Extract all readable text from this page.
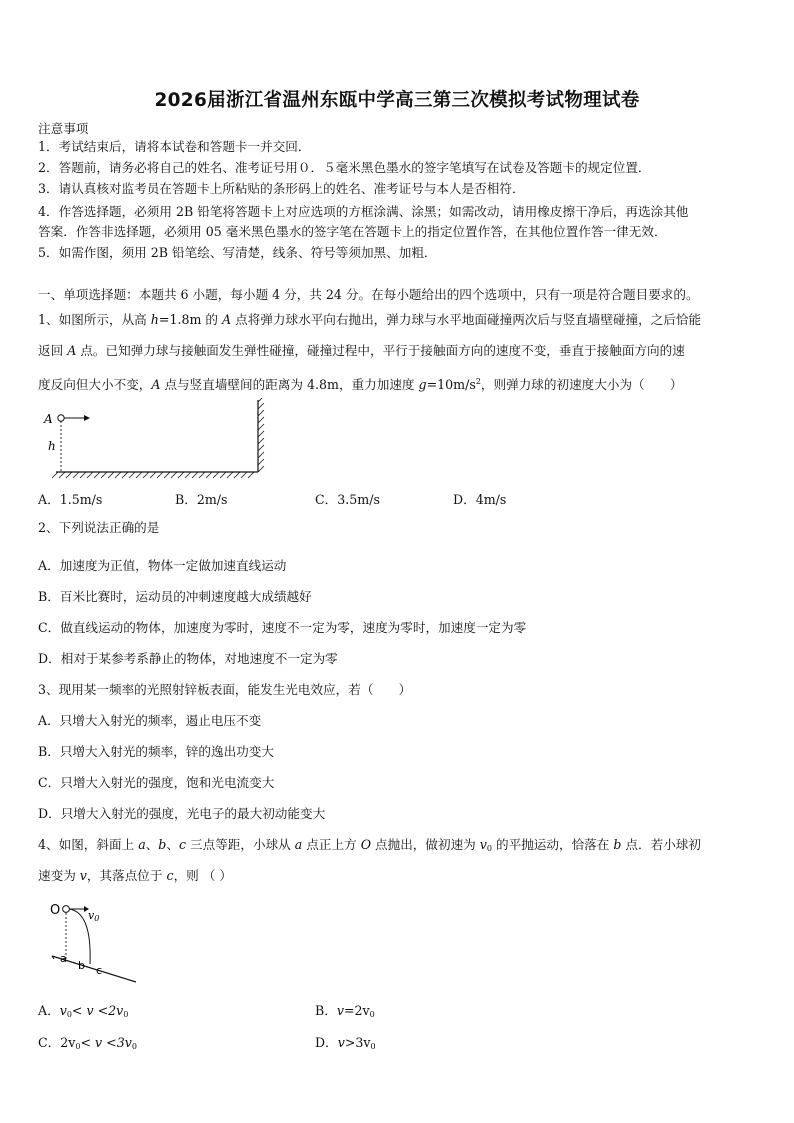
2026届浙江省温州东瓯中学高三第三次模拟考试物理试卷
注意事项
1．考试结束后，请将本试卷和答题卡一并交回．
2．答题前，请务必将自己的姓名、准考证号用０．５毫米黑色墨水的签字笔填写在试卷及答题卡的规定位置．
3．请认真核对监考员在答题卡上所粘贴的条形码上的姓名、准考证号与本人是否相符．
4．作答选择题，必须用 2B 铅笔将答题卡上对应选项的方框涂满、涂黑；如需改动，请用橡皮擦干净后，再选涂其他
答案．作答非选择题，必须用 05 毫米黑色墨水的签字笔在答题卡上的指定位置作答，在其他位置作答一律无效．
5．如需作图，须用 2B 铅笔绘、写清楚，线条、符号等须加黑、加粗．
一、单项选择题：本题共 6 小题，每小题 4 分，共 24 分。在每小题给出的四个选项中，只有一项是符合题目要求的。
1、如图所示，从高 h=1.8m 的 A 点将弹力球水平向右抛出，弹力球与水平地面碰撞两次后与竖直墙壁碰撞，之后恰能
返回 A 点。已知弹力球与接触面发生弹性碰撞，碰撞过程中，平行于接触面方向的速度不变，垂直于接触面方向的速
度反向但大小不变，A 点与竖直墙壁间的距离为 4.8m，重力加速度 $g=10m/s^2$，则弹力球的初速度大小为（　　）
A
h
A．1.5m/s	B．2m/s	C．3.5m/s	D．4m/s
2、下列说法正确的是
A．加速度为正值，物体一定做加速直线运动
B．百米比赛时，运动员的冲刺速度越大成绩越好
C．做直线运动的物体，加速度为零时，速度不一定为零，速度为零时，加速度一定为零
D．相对于某参考系静止的物体，对地速度不一定为零
3、现用某一频率的光照射锌板表面，能发生光电效应，若（　　）
A．只增大入射光的频率，遏止电压不变
B．只增大入射光的频率，锌的逸出功变大
C．只增大入射光的强度，饱和光电流变大
D．只增大入射光的强度，光电子的最大初动能变大
4、如图，斜面上 a、b、c 三点等距，小球从 a 点正上方 O 点抛出，做初速为 $v_0$ 的平抛运动，恰落在 b 点．若小球初
速变为 v，其落点位于 c，则 （ ）
O	v0
a
b c
A．$v_0< v <2v_0$	B．$v=2v_0$
C．$2v_0< v <3v_0$	D．$v>3v_0$
